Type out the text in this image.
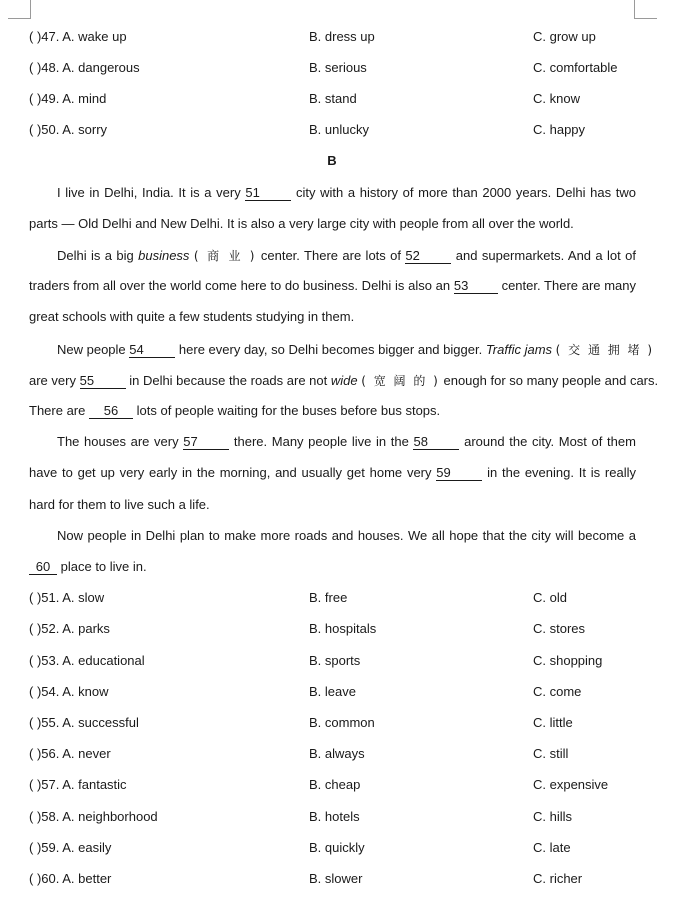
( )47. A. wake up	B. dress up	C. grow up
( )48. A. dangerous	B. serious	C. comfortable
( )49. A. mind	B. stand	C. know
( )50. A. sorry	B. unlucky	C. happy
B
I live in Delhi, India. It is a very 51	city with a history of more than 2000 years. Delhi has two
parts — Old Delhi and New Delhi. It is also a very large city with people from all over the world.
Delhi is a big business ( 商 业 ) center. There are lots of 52	and supermarkets. And a lot of
traders from all over the world come here to do business. Delhi is also an 53	center. There are many
great schools with quite a few students studying in them.
New people 54	here every day, so Delhi becomes bigger and bigger. Traffic jams ( 交 通 拥 堵 )
are very 55	in Delhi because the roads are not wide ( 宽 阔 的 ) enough for so many people and cars.
There are 56 lots of people waiting for the buses before bus stops.
The houses are very 57	there. Many people live in the 58	around the city. Most of them
have to get up very early in the morning, and usually get home very 59	in the evening. It is really
hard for them to live such a life.
Now people in Delhi plan to make more roads and houses. We all hope that the city will become a
60 place to live in.
( )51. A. slow	B. free	C. old
( )52. A. parks	B. hospitals	C. stores
( )53. A. educational	B. sports	C. shopping
( )54. A. know	B. leave	C. come
( )55. A. successful	B. common	C. little
( )56. A. never	B. always	C. still
( )57. A. fantastic	B. cheap	C. expensive
( )58. A. neighborhood	B. hotels	C. hills
( )59. A. easily	B. quickly	C. late
( )60. A. better	B. slower	C. richer
